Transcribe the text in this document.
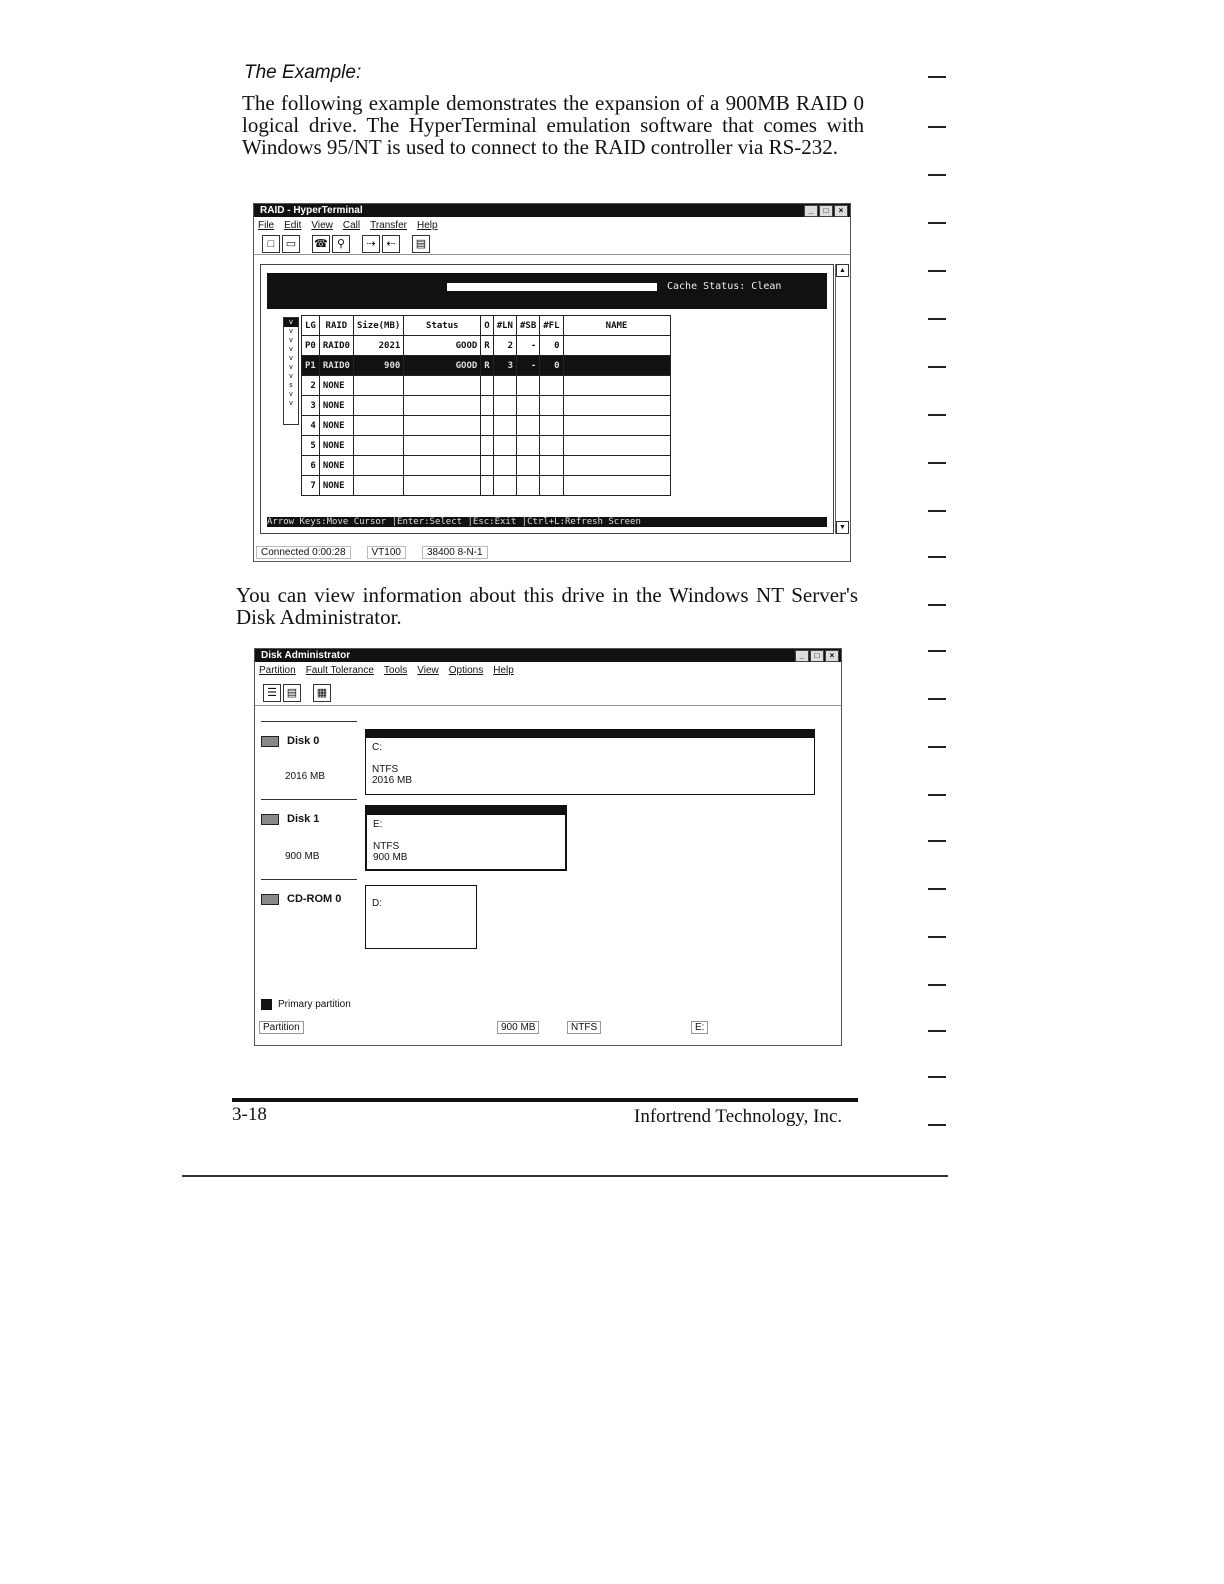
The Example:
The following example demonstrates the expansion of a 900MB RAID 0 logical drive. The HyperTerminal emulation software that comes with Windows 95/NT is used to connect to the RAID controller via RS-232.
RAID - HyperTerminal	_	□	×
File Edit View Call Transfer Help
□	▭	☎ ⚲	⇢ ⇠	▤
Cache Status: Clean
v
v
v
v
v
v
v
s
v
v
LG	RAID	Size(MB)	Status	O	#LN	#SB	#FL	NAME
P0	RAID0	2021	GOOD	R	2	-	0	
P1	RAID0	900	GOOD	R	3	-	0	
2	NONE							
3	NONE							
4	NONE							
5	NONE							
6	NONE							
7	NONE							
Arrow Keys:Move Cursor |Enter:Select |Esc:Exit |Ctrl+L:Refresh Screen
▲
▼
Connected 0:00:28	VT100	38400 8-N-1
You can view information about this drive in the Windows NT Server's Disk Administrator.
Disk Administrator	_	□	×
Partition Fault Tolerance Tools View Options Help
☰ ▤	▦
Disk 0
2016 MB
C:
NTFS
2016 MB
Disk 1
900 MB
E:
NTFS
900 MB
CD-ROM 0	D:
Primary partition
Partition	900 MB	NTFS	E:
3-18	Infortrend Technology, Inc.
